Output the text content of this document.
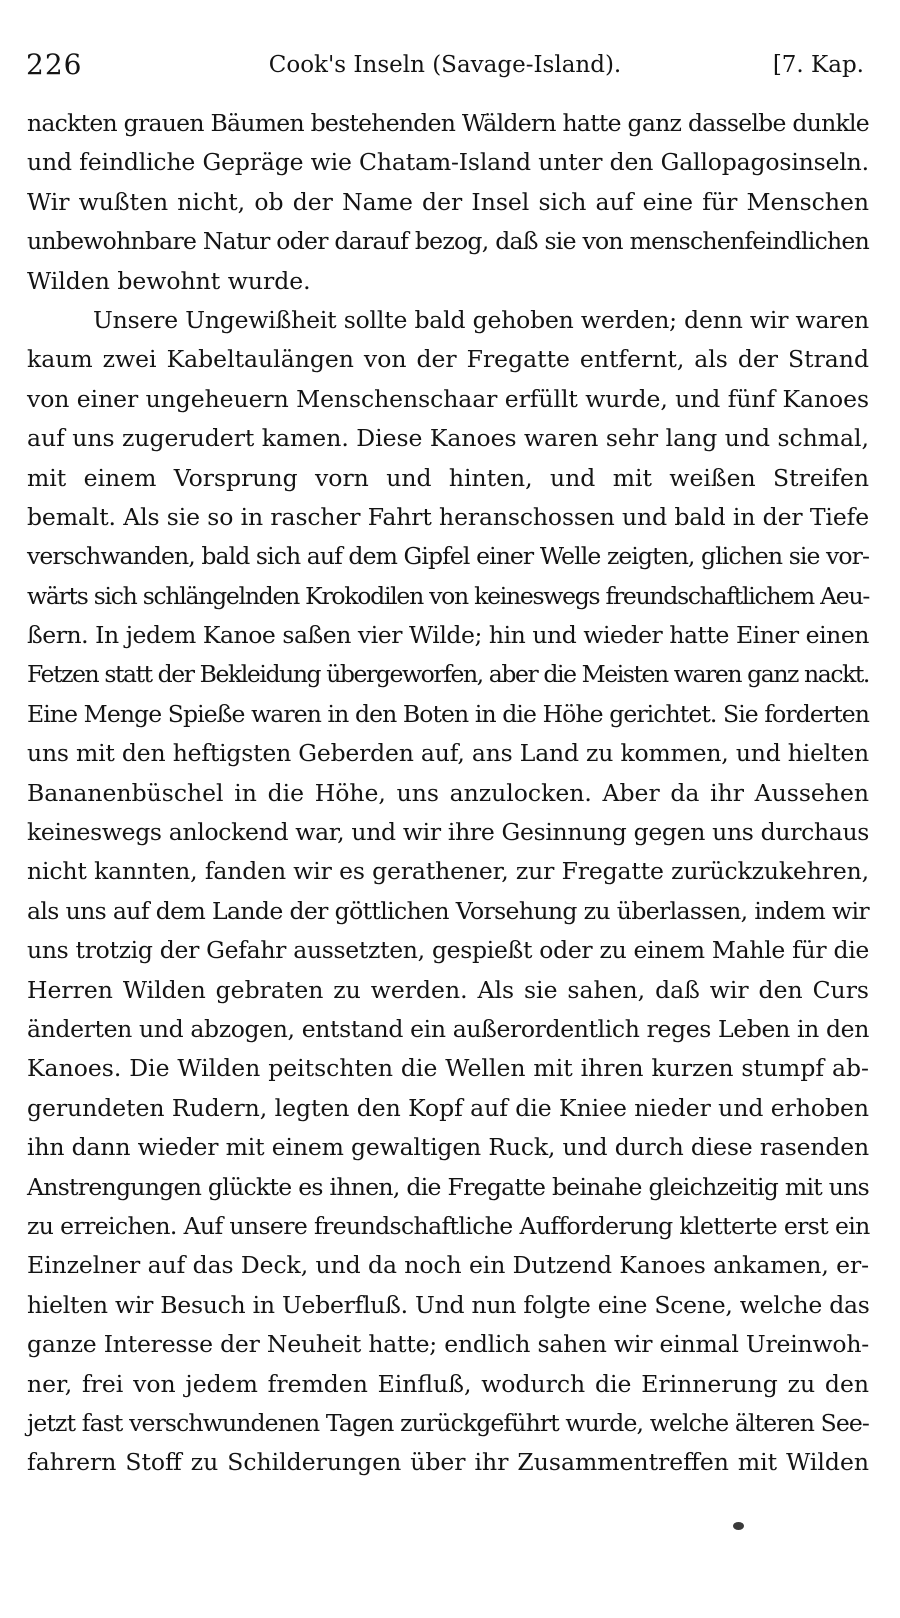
226	Cook's Inseln (Savage-Island).	[7. Kap.
nackten grauen Bäumen bestehenden Wäldern hatte ganz dasselbe dunkle
und feindliche Gepräge wie Chatam-Island unter den Gallopagosinseln.
Wir wußten nicht, ob der Name der Insel sich auf eine für Menschen
unbewohnbare Natur oder darauf bezog, daß sie von menschenfeindlichen
Wilden bewohnt wurde.
Unsere Ungewißheit sollte bald gehoben werden; denn wir waren
kaum zwei Kabeltaulängen von der Fregatte entfernt, als der Strand
von einer ungeheuern Menschenschaar erfüllt wurde, und fünf Kanoes
auf uns zugerudert kamen. Diese Kanoes waren sehr lang und schmal,
mit einem Vorsprung vorn und hinten, und mit weißen Streifen
bemalt. Als sie so in rascher Fahrt heranschossen und bald in der Tiefe
verschwanden, bald sich auf dem Gipfel einer Welle zeigten, glichen sie vor-
wärts sich schlängelnden Krokodilen von keineswegs freundschaftlichem Aeu-
ßern. In jedem Kanoe saßen vier Wilde; hin und wieder hatte Einer einen
Fetzen statt der Bekleidung übergeworfen, aber die Meisten waren ganz nackt.
Eine Menge Spieße waren in den Boten in die Höhe gerichtet. Sie forderten
uns mit den heftigsten Geberden auf, ans Land zu kommen, und hielten
Bananenbüschel in die Höhe, uns anzulocken. Aber da ihr Aussehen
keineswegs anlockend war, und wir ihre Gesinnung gegen uns durchaus
nicht kannten, fanden wir es gerathener, zur Fregatte zurückzukehren,
als uns auf dem Lande der göttlichen Vorsehung zu überlassen, indem wir
uns trotzig der Gefahr aussetzten, gespießt oder zu einem Mahle für die
Herren Wilden gebraten zu werden. Als sie sahen, daß wir den Curs
änderten und abzogen, entstand ein außerordentlich reges Leben in den
Kanoes. Die Wilden peitschten die Wellen mit ihren kurzen stumpf ab-
gerundeten Rudern, legten den Kopf auf die Kniee nieder und erhoben
ihn dann wieder mit einem gewaltigen Ruck, und durch diese rasenden
Anstrengungen glückte es ihnen, die Fregatte beinahe gleichzeitig mit uns
zu erreichen. Auf unsere freundschaftliche Aufforderung kletterte erst ein
Einzelner auf das Deck, und da noch ein Dutzend Kanoes ankamen, er-
hielten wir Besuch in Ueberfluß. Und nun folgte eine Scene, welche das
ganze Interesse der Neuheit hatte; endlich sahen wir einmal Ureinwoh-
ner, frei von jedem fremden Einfluß, wodurch die Erinnerung zu den
jetzt fast verschwundenen Tagen zurückgeführt wurde, welche älteren See-
fahrern Stoff zu Schilderungen über ihr Zusammentreffen mit Wilden
